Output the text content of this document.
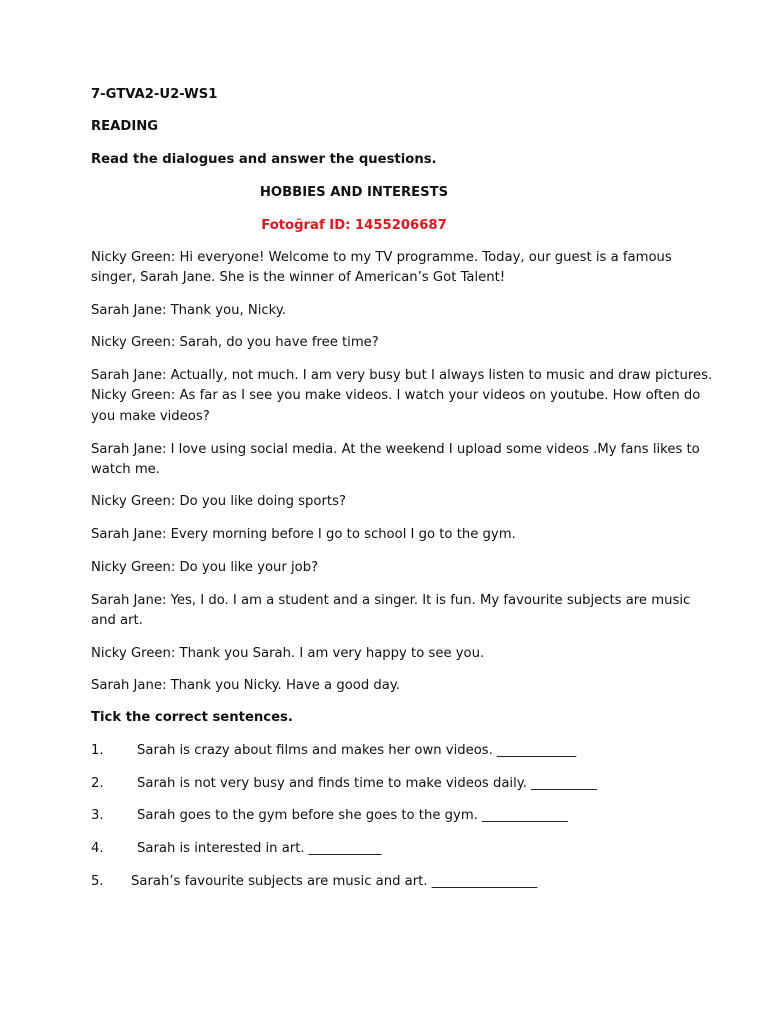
7-GTVA2-U2-WS1
READING
Read the dialogues and answer the questions.
HOBBIES AND INTERESTS
Fotoğraf ID: 1455206687
Nicky Green: Hi everyone! Welcome to my TV programme. Today, our guest is a famous
singer, Sarah Jane. She is the winner of American’s Got Talent!
Sarah Jane: Thank you, Nicky.
Nicky Green: Sarah, do you have free time?
Sarah Jane: Actually, not much. I am very busy but I always listen to music and draw pictures.
Nicky Green: As far as I see you make videos. I watch your videos on youtube. How often do
you make videos?
Sarah Jane: I love using social media. At the weekend I upload some videos .My fans likes to
watch me.
Nicky Green: Do you like doing sports?
Sarah Jane: Every morning before I go to school I go to the gym.
Nicky Green: Do you like your job?
Sarah Jane: Yes, I do. I am a student and a singer. It is fun. My favourite subjects are music
and art.
Nicky Green: Thank you Sarah. I am very happy to see you.
Sarah Jane: Thank you Nicky. Have a good day.
Tick the correct sentences.
1.	Sarah is crazy about films and makes her own videos. ____________
2.	Sarah is not very busy and finds time to make videos daily. __________
3.	Sarah goes to the gym before she goes to the gym. _____________
4.	Sarah is interested in art. ___________
5. Sarah’s favourite subjects are music and art. ________________
